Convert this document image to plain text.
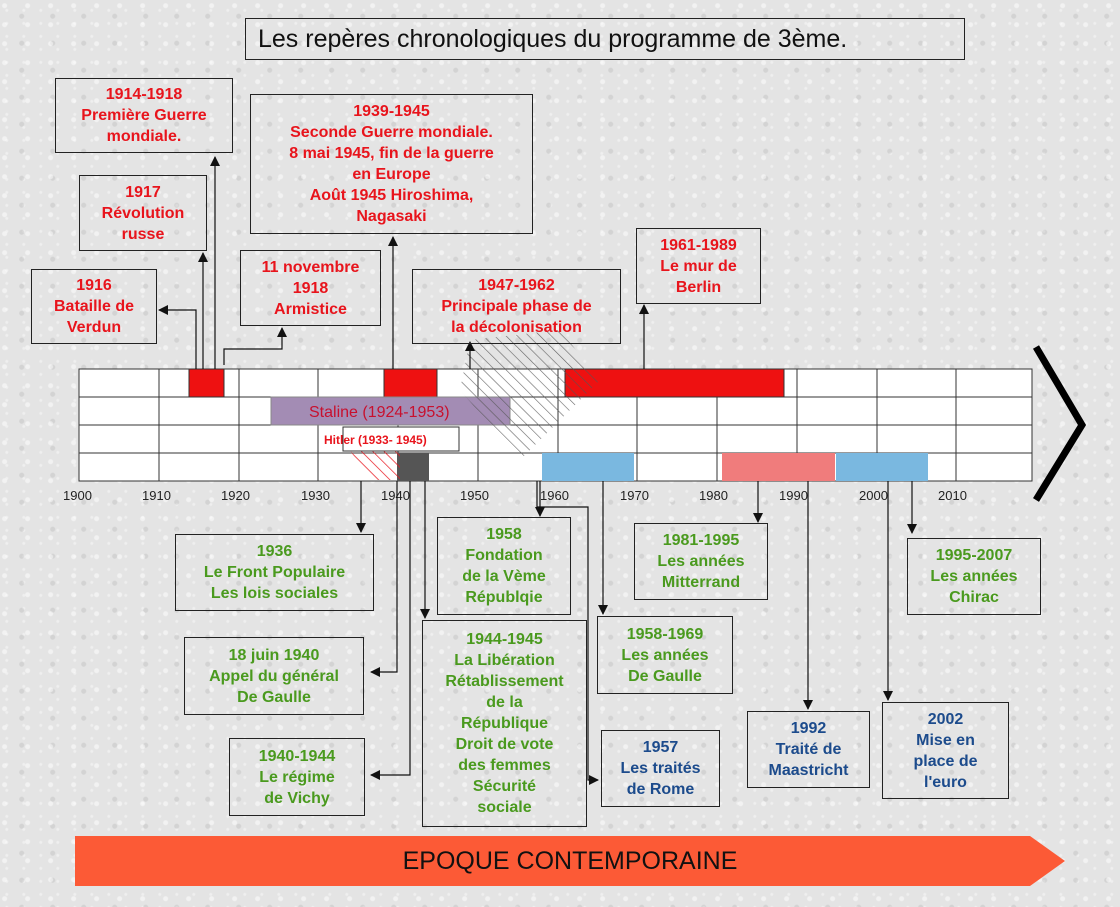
Les repères chronologiques du programme de 3ème.
Staline (1924-1953)
Hitler (1933- 1945)
1900	1910	1920	1930	1940	1950	1960	1970	1980	1990	2000	2010
EPOQUE CONTEMPORAINE
1914-1918
Première Guerre
mondiale.
1917
Révolution
russe
1916
Bataille de
Verdun
1939-1945
Seconde Guerre mondiale.
8 mai 1945, fin de la guerre
en Europe
Août 1945 Hiroshima,
Nagasaki
11 novembre
1918
Armistice
1947-1962
Principale phase de
la décolonisation
1961-1989
Le mur de
Berlin
1936
Le Front Populaire
Les lois sociales
1958
Fondation
de la Vème
Républqie
1981-1995
Les années
Mitterrand
1995-2007
Les années
Chirac
18 juin 1940
Appel du général
De Gaulle
1944-1945
La Libération
Rétablissement
de la
République
Droit de vote
des femmes
Sécurité
sociale
1958-1969
Les années
De Gaulle
1940-1944
Le régime
de Vichy
1992
Traité de
Maastricht
2002
Mise en
place de
l'euro
1957
Les traités
de Rome
